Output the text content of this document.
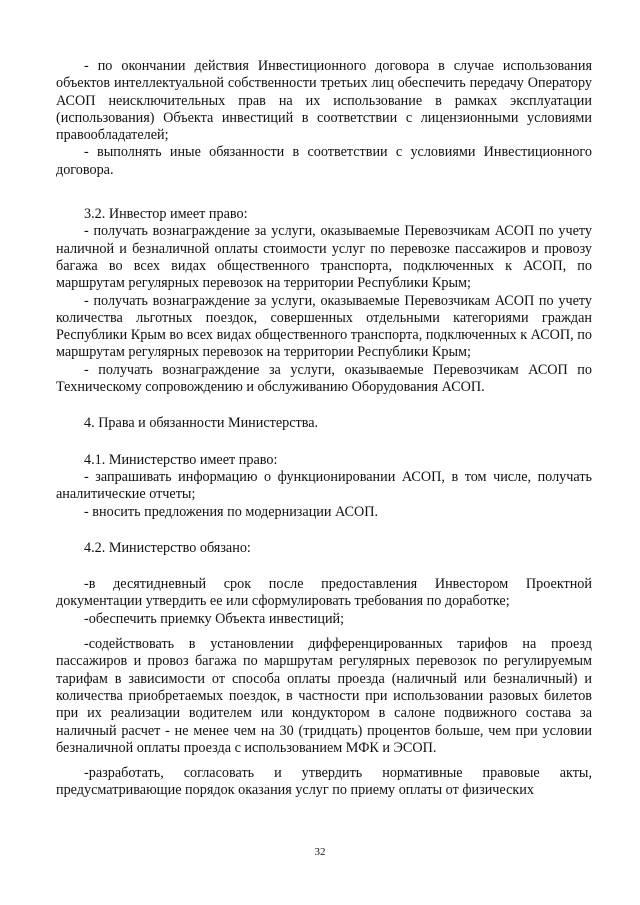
- по окончании действия Инвестиционного договора в случае использования объектов интеллектуальной собственности третьих лиц обеспечить передачу Оператору АСОП неисключительных прав на их использование в рамках эксплуатации (использования) Объекта инвестиций в соответствии с лицензионными условиями правообладателей;

- выполнять иные обязанности в соответствии с условиями Инвестиционного договора.

3.2. Инвестор имеет право:

- получать вознаграждение за услуги, оказываемые Перевозчикам АСОП по учету наличной и безналичной оплаты стоимости услуг по перевозке пассажиров и провозу багажа во всех видах общественного транспорта, подключенных к АСОП, по маршрутам регулярных перевозок на территории Республики Крым;

- получать вознаграждение за услуги, оказываемые Перевозчикам АСОП по учету количества льготных поездок, совершенных отдельными категориями граждан Республики Крым во всех видах общественного транспорта, подключенных к АСОП, по маршрутам регулярных перевозок на территории Республики Крым;

- получать вознаграждение за услуги, оказываемые Перевозчикам АСОП по Техническому сопровождению и обслуживанию Оборудования АСОП.

4. Права и обязанности Министерства.

4.1. Министерство имеет право:

- запрашивать информацию о функционировании АСОП, в том числе, получать аналитические отчеты;

- вносить предложения по модернизации АСОП.

4.2. Министерство обязано:

-в десятидневный срок после предоставления Инвестором Проектной документации утвердить ее или сформулировать требования по доработке;

-обеспечить приемку Объекта инвестиций;

-содействовать в установлении дифференцированных тарифов на проезд пассажиров и провоз багажа по маршрутам регулярных перевозок по регулируемым тарифам в зависимости от способа оплаты проезда (наличный или безналичный) и количества приобретаемых поездок, в частности при использовании разовых билетов при их реализации водителем или кондуктором в салоне подвижного состава за наличный расчет - не менее чем на 30 (тридцать) процентов больше, чем при условии безналичной оплаты проезда с использованием МФК и ЭСОП.

-разработать, согласовать и утвердить нормативные правовые акты, предусматривающие порядок оказания услуг по приему оплаты от физических

32
